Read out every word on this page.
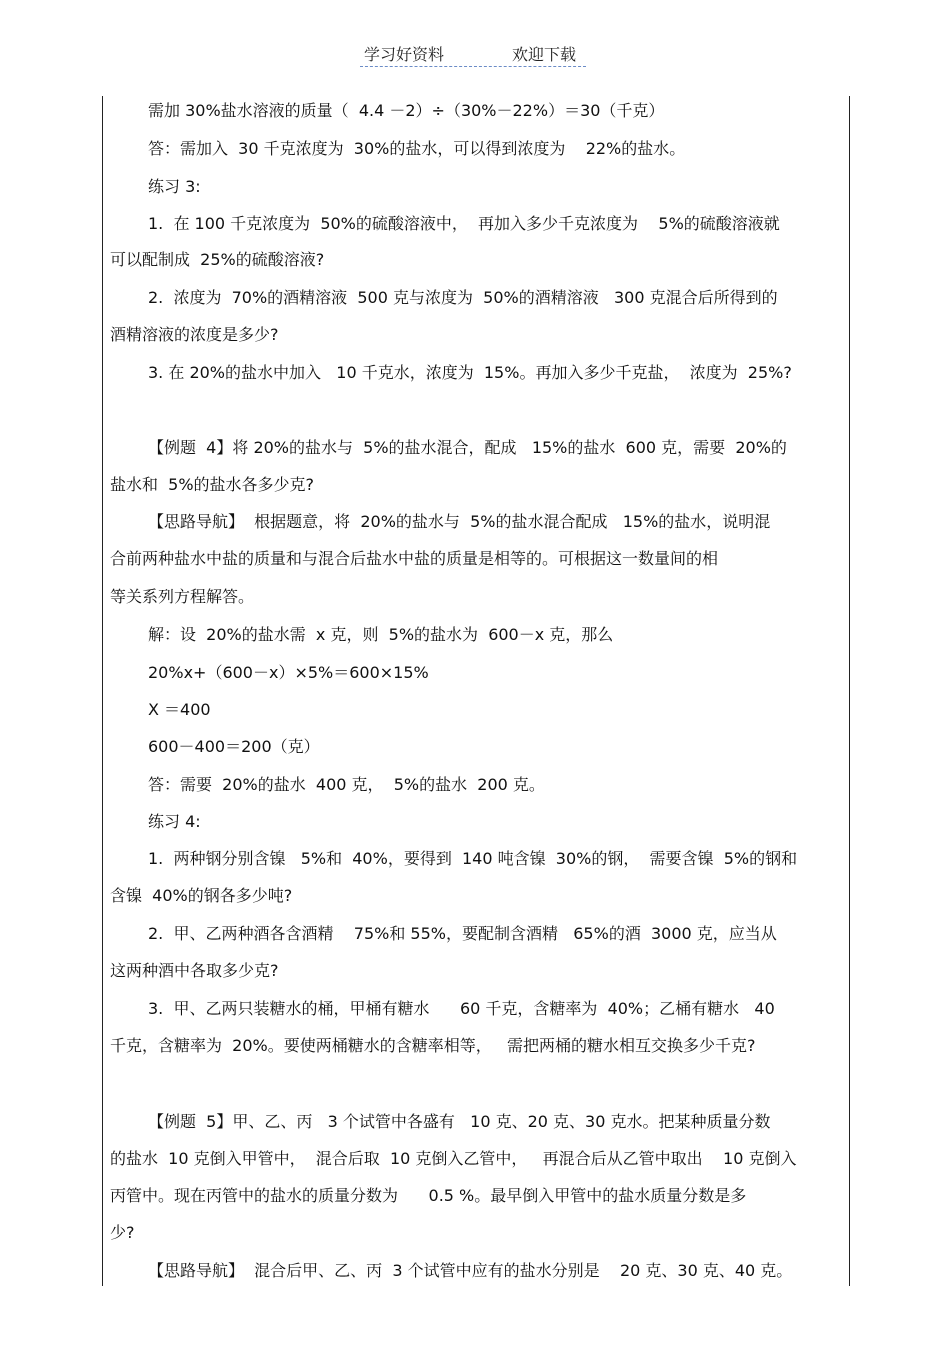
学习好资料	欢迎下载
需加 30%盐水溶液的质量（  4.4 －2）÷（30%－22%）＝30（千克）
答：需加入  30 千克浓度为  30%的盐水，可以得到浓度为    22%的盐水。
练习 3:
1.  在 100 千克浓度为  50%的硫酸溶液中，  再加入多少千克浓度为    5%的硫酸溶液就
可以配制成  25%的硫酸溶液?
2.  浓度为  70%的酒精溶液  500 克与浓度为  50%的酒精溶液   300 克混合后所得到的
酒精溶液的浓度是多少?
3. 在 20%的盐水中加入   10 千克水，浓度为  15%。再加入多少千克盐，  浓度为  25%?
【例题  4】将 20%的盐水与  5%的盐水混合，配成   15%的盐水  600 克，需要  20%的
盐水和  5%的盐水各多少克?
【思路导航】  根据题意，将  20%的盐水与  5%的盐水混合配成   15%的盐水，说明混
合前两种盐水中盐的质量和与混合后盐水中盐的质量是相等的。可根据这一数量间的相
等关系列方程解答。
解：设  20%的盐水需  x 克，则  5%的盐水为  600－x 克，那么
20%x+（600－x）×5%＝600×15%
X ＝400
600－400＝200（克）
答：需要  20%的盐水  400 克，  5%的盐水  200 克。
练习 4:
1.  两种钢分别含镍   5%和  40%，要得到  140 吨含镍  30%的钢，  需要含镍  5%的钢和
含镍  40%的钢各多少吨?
2.  甲、乙两种酒各含酒精    75%和 55%，要配制含酒精   65%的酒  3000 克，应当从
这两种酒中各取多少克?
3.  甲、乙两只装糖水的桶，甲桶有糖水      60 千克，含糖率为  40%；乙桶有糖水   40
千克，含糖率为  20%。要使两桶糖水的含糖率相等，   需把两桶的糖水相互交换多少千克?
【例题  5】甲、乙、丙   3 个试管中各盛有   10 克、20 克、30 克水。把某种质量分数
的盐水  10 克倒入甲管中，  混合后取  10 克倒入乙管中，   再混合后从乙管中取出    10 克倒入
丙管中。现在丙管中的盐水的质量分数为      0.5 %。最早倒入甲管中的盐水质量分数是多
少?
【思路导航】  混合后甲、乙、丙  3 个试管中应有的盐水分别是    20 克、30 克、40 克。
